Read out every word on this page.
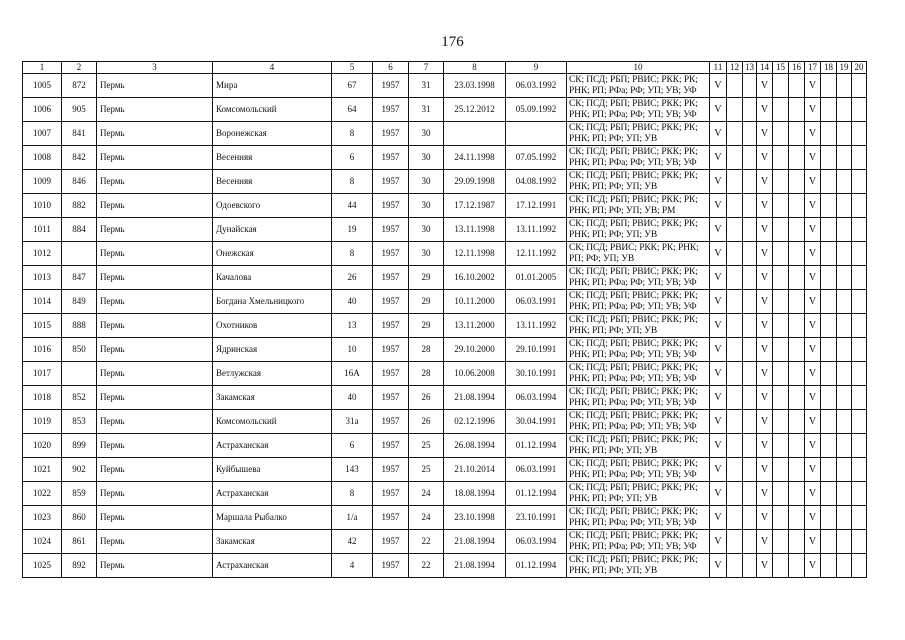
176
1	2	3	4	5	6	7	8	9	10	11	12	13	14	15	16	17	18	19	20
1005	872	Пермь	Мира	67	1957	31	23.03.1998	06.03.1992	СК; ПСД; РБП; РВИС; РКК; РК; РНК; РП; РФа; РФ; УП; УВ; УФ	V			V			V			
1006	905	Пермь	Комсомольский	64	1957	31	25.12.2012	05.09.1992	СК; ПСД; РБП; РВИС; РКК; РК; РНК; РП; РФа; РФ; УП; УВ; УФ	V			V			V			
1007	841	Пермь	Воронежская	8	1957	30			СК; ПСД; РБП; РВИС; РКК; РК; РНК; РП; РФ; УП; УВ	V			V			V			
1008	842	Пермь	Весенняя	6	1957	30	24.11.1998	07.05.1992	СК; ПСД; РБП; РВИС; РКК; РК; РНК; РП; РФа; РФ; УП; УВ; УФ	V			V			V			
1009	846	Пермь	Весенняя	8	1957	30	29.09.1998	04.08.1992	СК; ПСД; РБП; РВИС; РКК; РК; РНК; РП; РФ; УП; УВ	V			V			V			
1010	882	Пермь	Одоевского	44	1957	30	17.12.1987	17.12.1991	СК; ПСД; РБП; РВИС; РКК; РК; РНК; РП; РФ; УП; УВ; РМ	V			V			V			
1011	884	Пермь	Дунайская	19	1957	30	13.11.1998	13.11.1992	СК; ПСД; РБП; РВИС; РКК; РК; РНК; РП; РФ; УП; УВ	V			V			V			
1012		Пермь	Онежская	8	1957	30	12.11.1998	12.11.1992	СК; ПСД; РВИС; РКК; РК; РНК; РП; РФ; УП; УВ	V			V			V			
1013	847	Пермь	Качалова	26	1957	29	16.10.2002	01.01.2005	СК; ПСД; РБП; РВИС; РКК; РК; РНК; РП; РФа; РФ; УП; УВ; УФ	V			V			V			
1014	849	Пермь	Богдана Хмельницкого	40	1957	29	10.11.2000	06.03.1991	СК; ПСД; РБП; РВИС; РКК; РК; РНК; РП; РФа; РФ; УП; УВ; УФ	V			V			V			
1015	888	Пермь	Охотников	13	1957	29	13.11.2000	13.11.1992	СК; ПСД; РБП; РВИС; РКК; РК; РНК; РП; РФ; УП; УВ	V			V			V			
1016	850	Пермь	Ядринская	10	1957	28	29.10.2000	29.10.1991	СК; ПСД; РБП; РВИС; РКК; РК; РНК; РП; РФа; РФ; УП; УВ; УФ	V			V			V			
1017		Пермь	Ветлужская	16А	1957	28	10.06.2008	30.10.1991	СК; ПСД; РБП; РВИС; РКК; РК; РНК; РП; РФа; РФ; УП; УВ; УФ	V			V			V			
1018	852	Пермь	Закамская	40	1957	26	21.08.1994	06.03.1994	СК; ПСД; РБП; РВИС; РКК; РК; РНК; РП; РФа; РФ; УП; УВ; УФ	V			V			V			
1019	853	Пермь	Комсомольский	31а	1957	26	02.12.1996	30.04.1991	СК; ПСД; РБП; РВИС; РКК; РК; РНК; РП; РФа; РФ; УП; УВ; УФ	V			V			V			
1020	899	Пермь	Астраханская	6	1957	25	26.08.1994	01.12.1994	СК; ПСД; РБП; РВИС; РКК; РК; РНК; РП; РФ; УП; УВ	V			V			V			
1021	902	Пермь	Куйбышева	143	1957	25	21.10.2014	06.03.1991	СК; ПСД; РБП; РВИС; РКК; РК; РНК; РП; РФа; РФ; УП; УВ; УФ	V			V			V			
1022	859	Пермь	Астраханская	8	1957	24	18.08.1994	01.12.1994	СК; ПСД; РБП; РВИС; РКК; РК; РНК; РП; РФ; УП; УВ	V			V			V			
1023	860	Пермь	Маршала Рыбалко	1/а	1957	24	23.10.1998	23.10.1991	СК; ПСД; РБП; РВИС; РКК; РК; РНК; РП; РФа; РФ; УП; УВ; УФ	V			V			V			
1024	861	Пермь	Закамская	42	1957	22	21.08.1994	06.03.1994	СК; ПСД; РБП; РВИС; РКК; РК; РНК; РП; РФа; РФ; УП; УВ; УФ	V			V			V			
1025	892	Пермь	Астраханская	4	1957	22	21.08.1994	01.12.1994	СК; ПСД; РБП; РВИС; РКК; РК; РНК; РП; РФ; УП; УВ	V			V			V			
